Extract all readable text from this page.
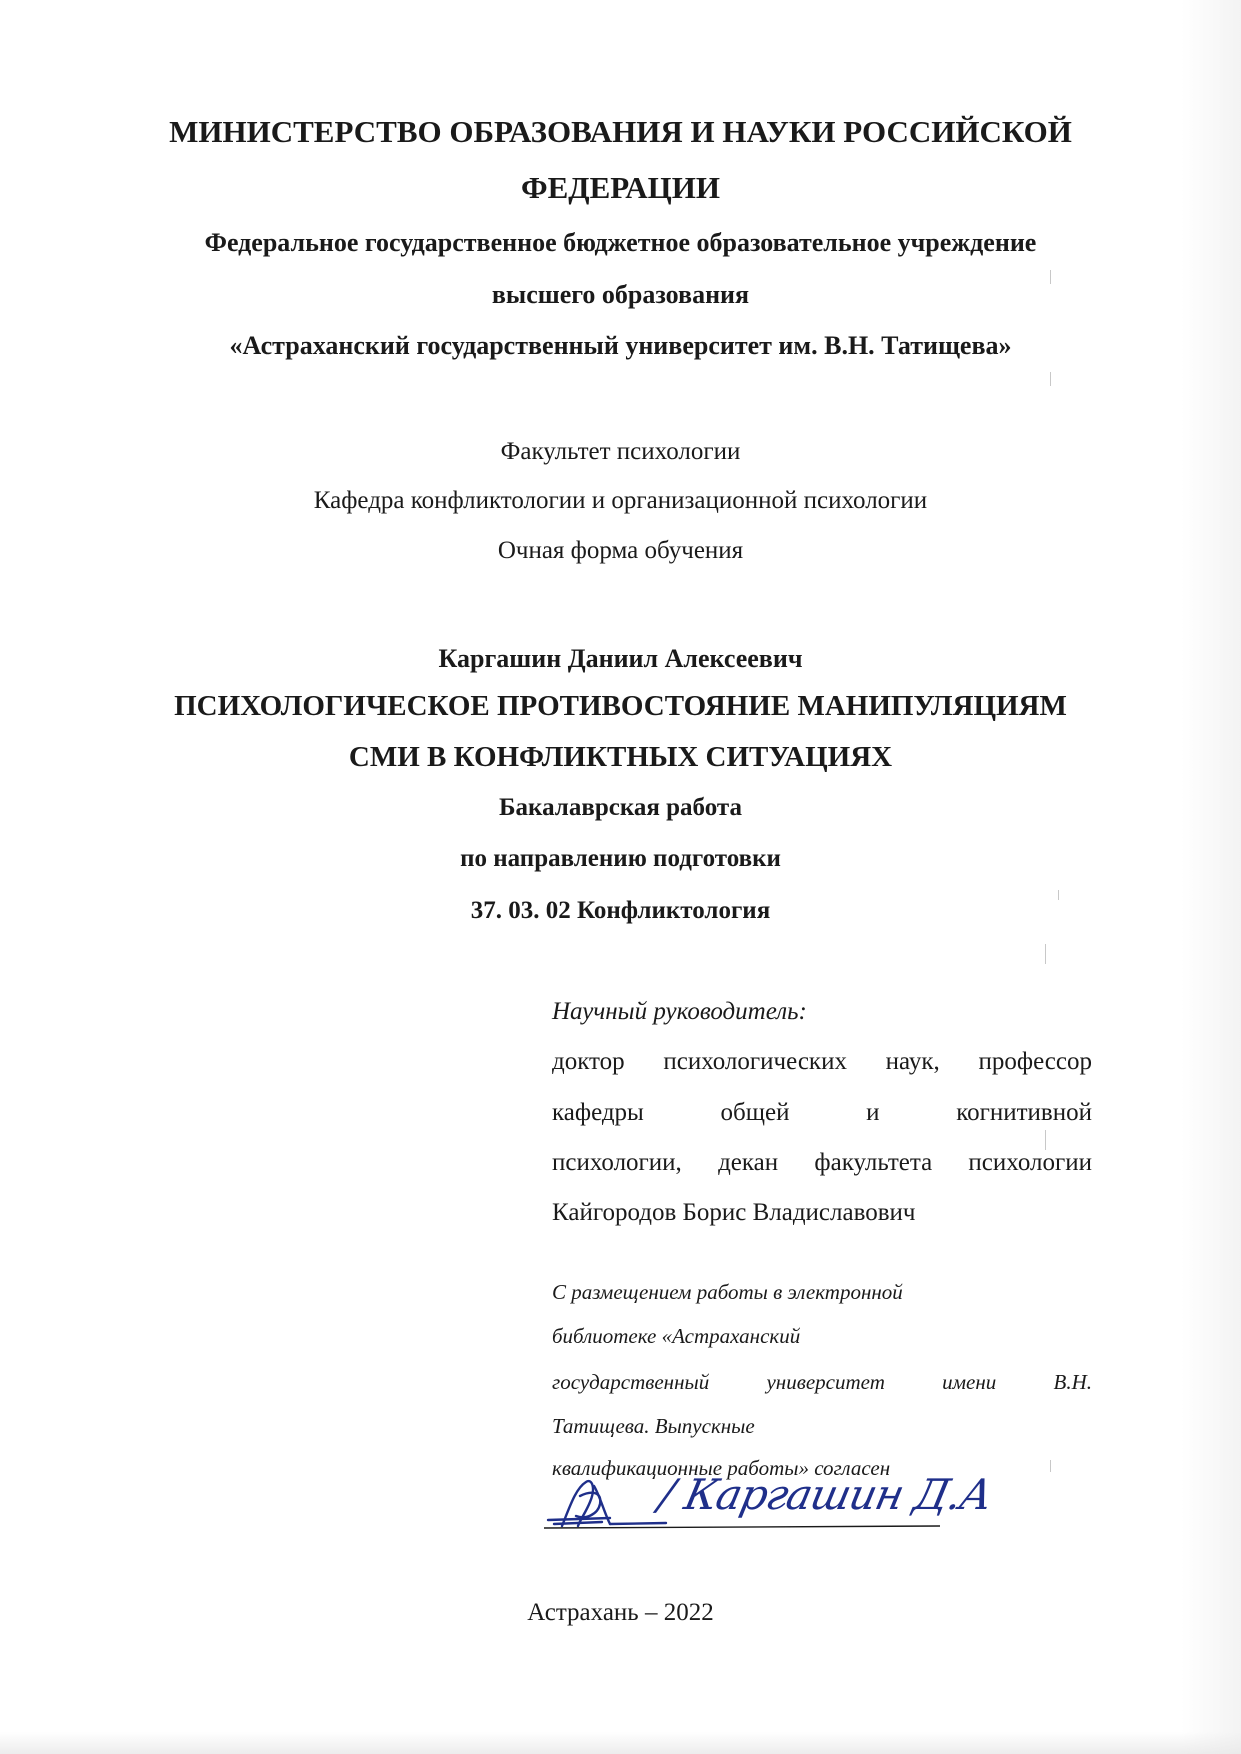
МИНИСТЕРСТВО ОБРАЗОВАНИЯ И НАУКИ РОССИЙСКОЙ
ФЕДЕРАЦИИ
Федеральное государственное бюджетное образовательное учреждение
высшего образования
«Астраханский государственный университет им. В.Н. Татищева»
Факультет психологии
Кафедра конфликтологии и организационной психологии
Очная форма обучения
Каргашин Даниил Алексеевич
ПСИХОЛОГИЧЕСКОЕ ПРОТИВОСТОЯНИЕ МАНИПУЛЯЦИЯМ
СМИ В КОНФЛИКТНЫХ СИТУАЦИЯХ
Бакалаврская работа
по направлению подготовки
37. 03. 02 Конфликтология
Научный руководитель:
доктор психологических наук, профессор
кафедры общей и когнитивной
психологии, декан факультета психологии
Кайгородов Борис Владиславович
С размещением работы в электронной
библиотеке «Астраханский
государственный университет имени В.Н.
Татищева. Выпускные
квалификационные работы» согласен
/ Каргашин Д.А
Астрахань – 2022
